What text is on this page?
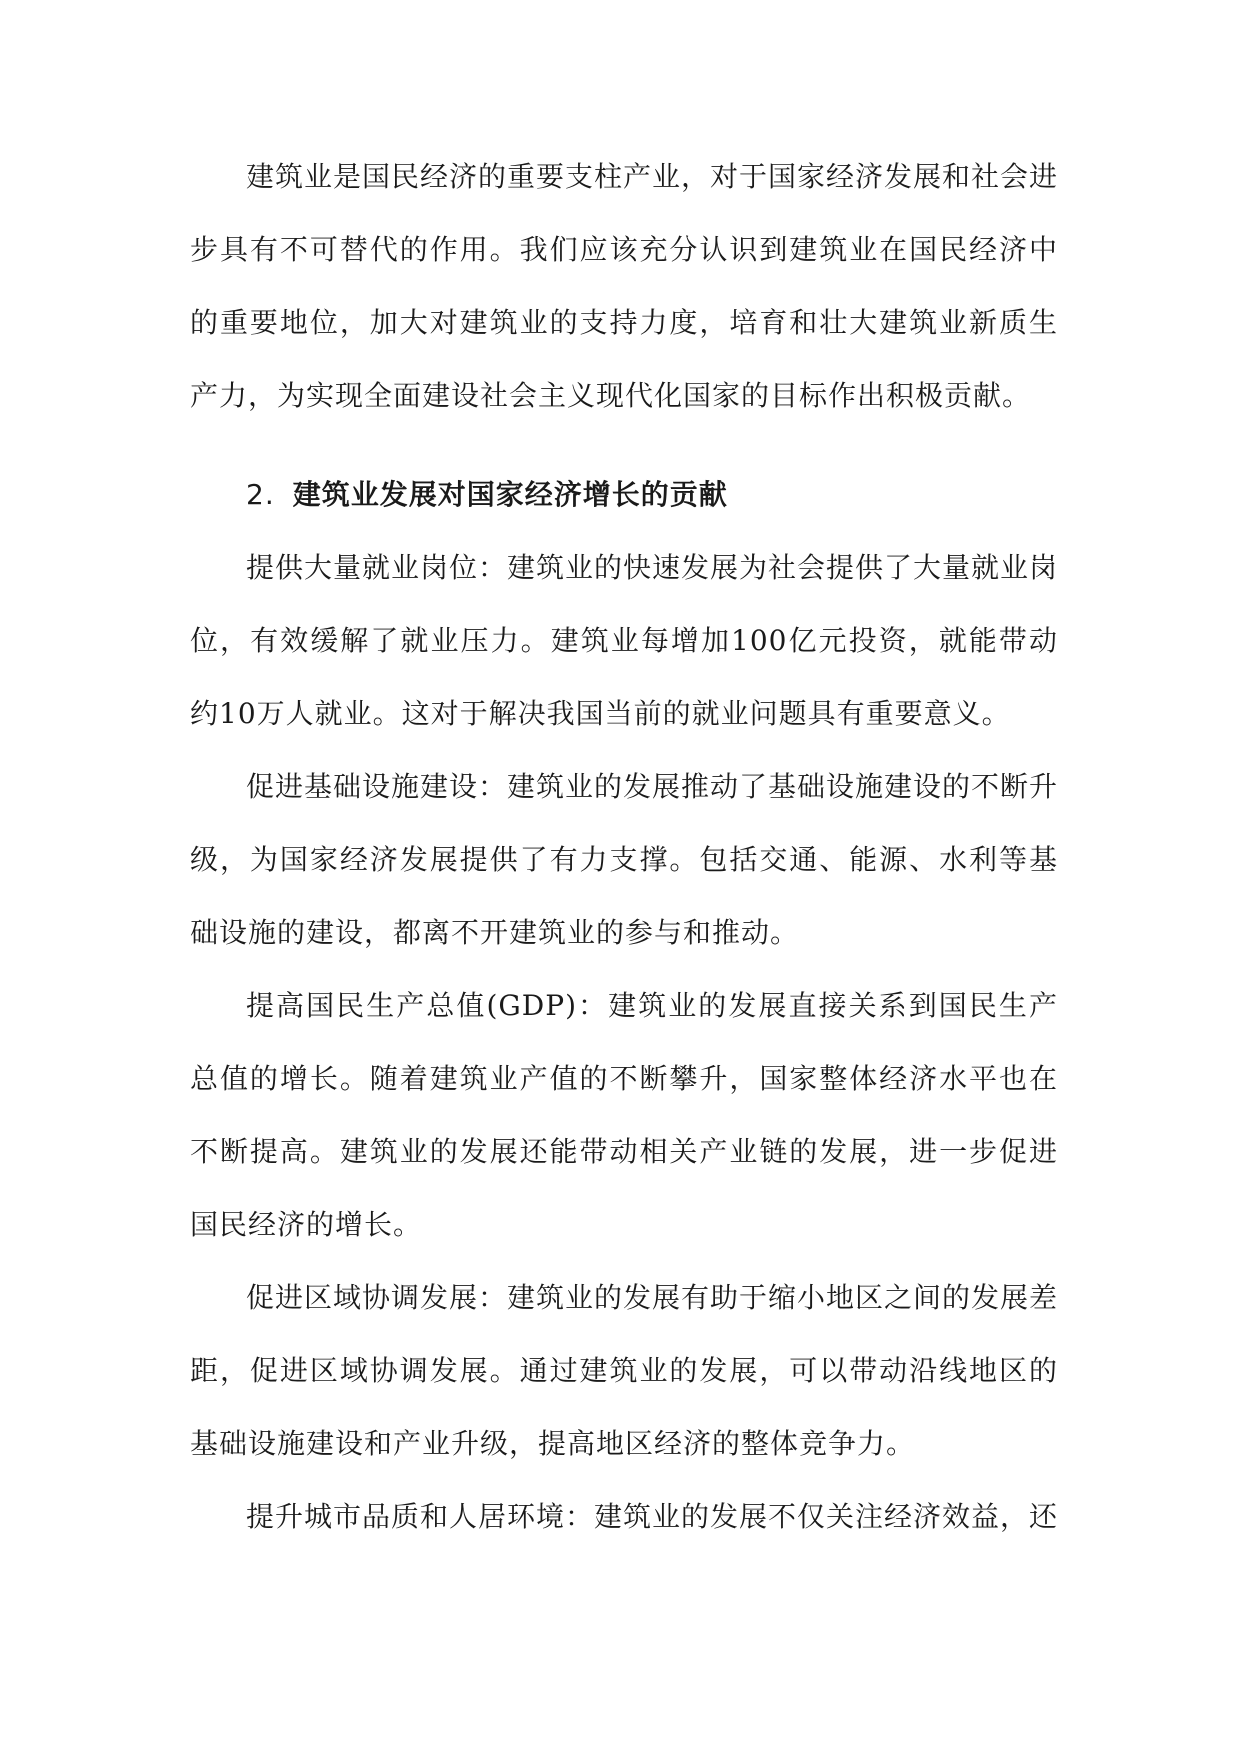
建筑业是国民经济的重要支柱产业，对于国家经济发展和社会进步具有不可替代的作用。我们应该充分认识到建筑业在国民经济中的重要地位，加大对建筑业的支持力度，培育和壮大建筑业新质生产力，为实现全面建设社会主义现代化国家的目标作出积极贡献。

2. 建筑业发展对国家经济增长的贡献

提供大量就业岗位：建筑业的快速发展为社会提供了大量就业岗位，有效缓解了就业压力。建筑业每增加100亿元投资，就能带动约10万人就业。这对于解决我国当前的就业问题具有重要意义。

促进基础设施建设：建筑业的发展推动了基础设施建设的不断升级，为国家经济发展提供了有力支撑。包括交通、能源、水利等基础设施的建设，都离不开建筑业的参与和推动。

提高国民生产总值(GDP)：建筑业的发展直接关系到国民生产总值的增长。随着建筑业产值的不断攀升，国家整体经济水平也在不断提高。建筑业的发展还能带动相关产业链的发展，进一步促进国民经济的增长。

促进区域协调发展：建筑业的发展有助于缩小地区之间的发展差距，促进区域协调发展。通过建筑业的发展，可以带动沿线地区的基础设施建设和产业升级，提高地区经济的整体竞争力。

提升城市品质和人居环境：建筑业的发展不仅关注经济效益，还
